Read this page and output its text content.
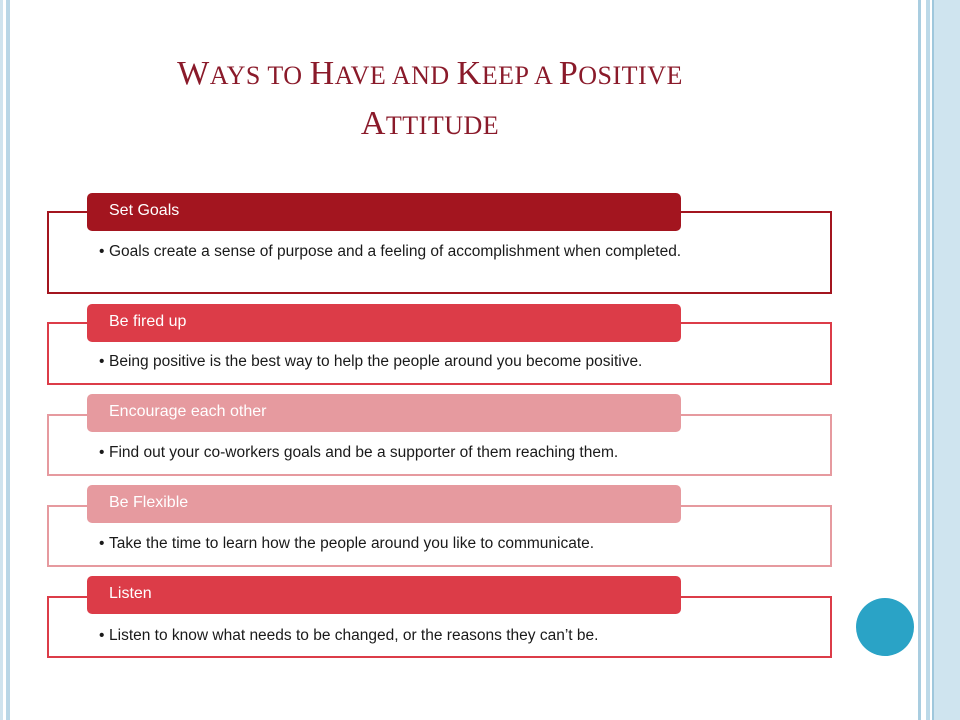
WAYS TO HAVE AND KEEP A POSITIVE
ATTITUDE
Set Goals
• Goals create a sense of purpose and a feeling of accomplishment when completed.
Be fired up
• Being positive is the best way to help the people around you become positive.
Encourage each other
• Find out your co-workers goals and be a supporter of them reaching them.
Be Flexible
• Take the time to learn how the people around you like to communicate.
Listen
• Listen to know what needs to be changed, or the reasons they can’t be.
